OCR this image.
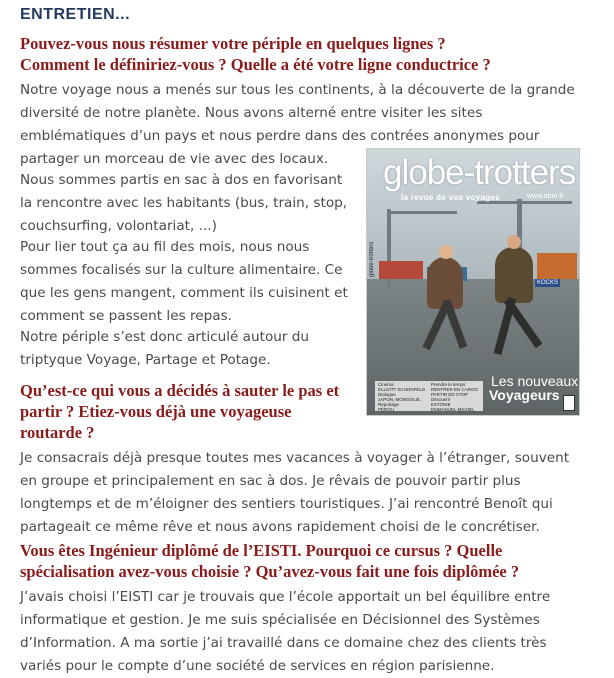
ENTRETIEN...
Pouvez-vous nous résumer votre périple en quelques lignes ?
Comment le définiriez-vous ? Quelle a été votre ligne conductrice ?
Notre voyage nous a menés sur tous les continents, à la découverte de la grande
diversité de notre planète. Nous avons alterné entre visiter les sites
emblématiques d’un pays et nous perdre dans des contrées anonymes pour
partager un morceau de vie avec des locaux.
Nous sommes partis en sac à dos en favorisant
la rencontre avec les habitants (bus, train, stop,
couchsurfing, volontariat, ...)
Pour lier tout ça au fil des mois, nous nous
sommes focalisés sur la culture alimentaire. Ce
que les gens mangent, comment ils cuisinent et
comment se passent les repas.
Notre périple s’est donc articulé autour du
triptyque Voyage, Partage et Potage.
Qu’est-ce qui vous a décidés à sauter le pas et
partir ? Etiez-vous déjà une voyageuse
routarde ?
Je consacrais déjà presque toutes mes vacances à voyager à l’étranger, souvent
en groupe et principalement en sac à dos. Je rêvais de pouvoir partir plus
longtemps et de m’éloigner des sentiers touristiques. J’ai rencontré Benoît qui
partageait ce même rêve et nous avons rapidement choisi de le concrétiser.
Vous êtes Ingénieur diplômé de l’EISTI. Pourquoi ce cursus ? Quelle
spécialisation avez-vous choisie ? Qu’avez-vous fait une fois diplômée ?
J’avais choisi l’EISTI car je trouvais que l’école apportait un bel équilibre entre
informatique et gestion. Je me suis spécialisée en Décisionnel des Systèmes
d’Information. A ma sortie j’ai travaillé dans ce domaine chez des clients très
variés pour le compte d’une société de services en région parisienne.
KOCKS
globe-trotters
globe-trotters
la revue de vos voyages	www.abm.fr
Cinéma
ELLIOTT SCHONFELD
Dialogue
JAPON, MONGOLIE,
Reportage
PÉROU
Prendre le temps
RENTRER EN CARGO
PARTIR EN STOP
Découvrir
ESTONIE
EMMANUEL MICHEL
Les nouveaux
Voyageurs
